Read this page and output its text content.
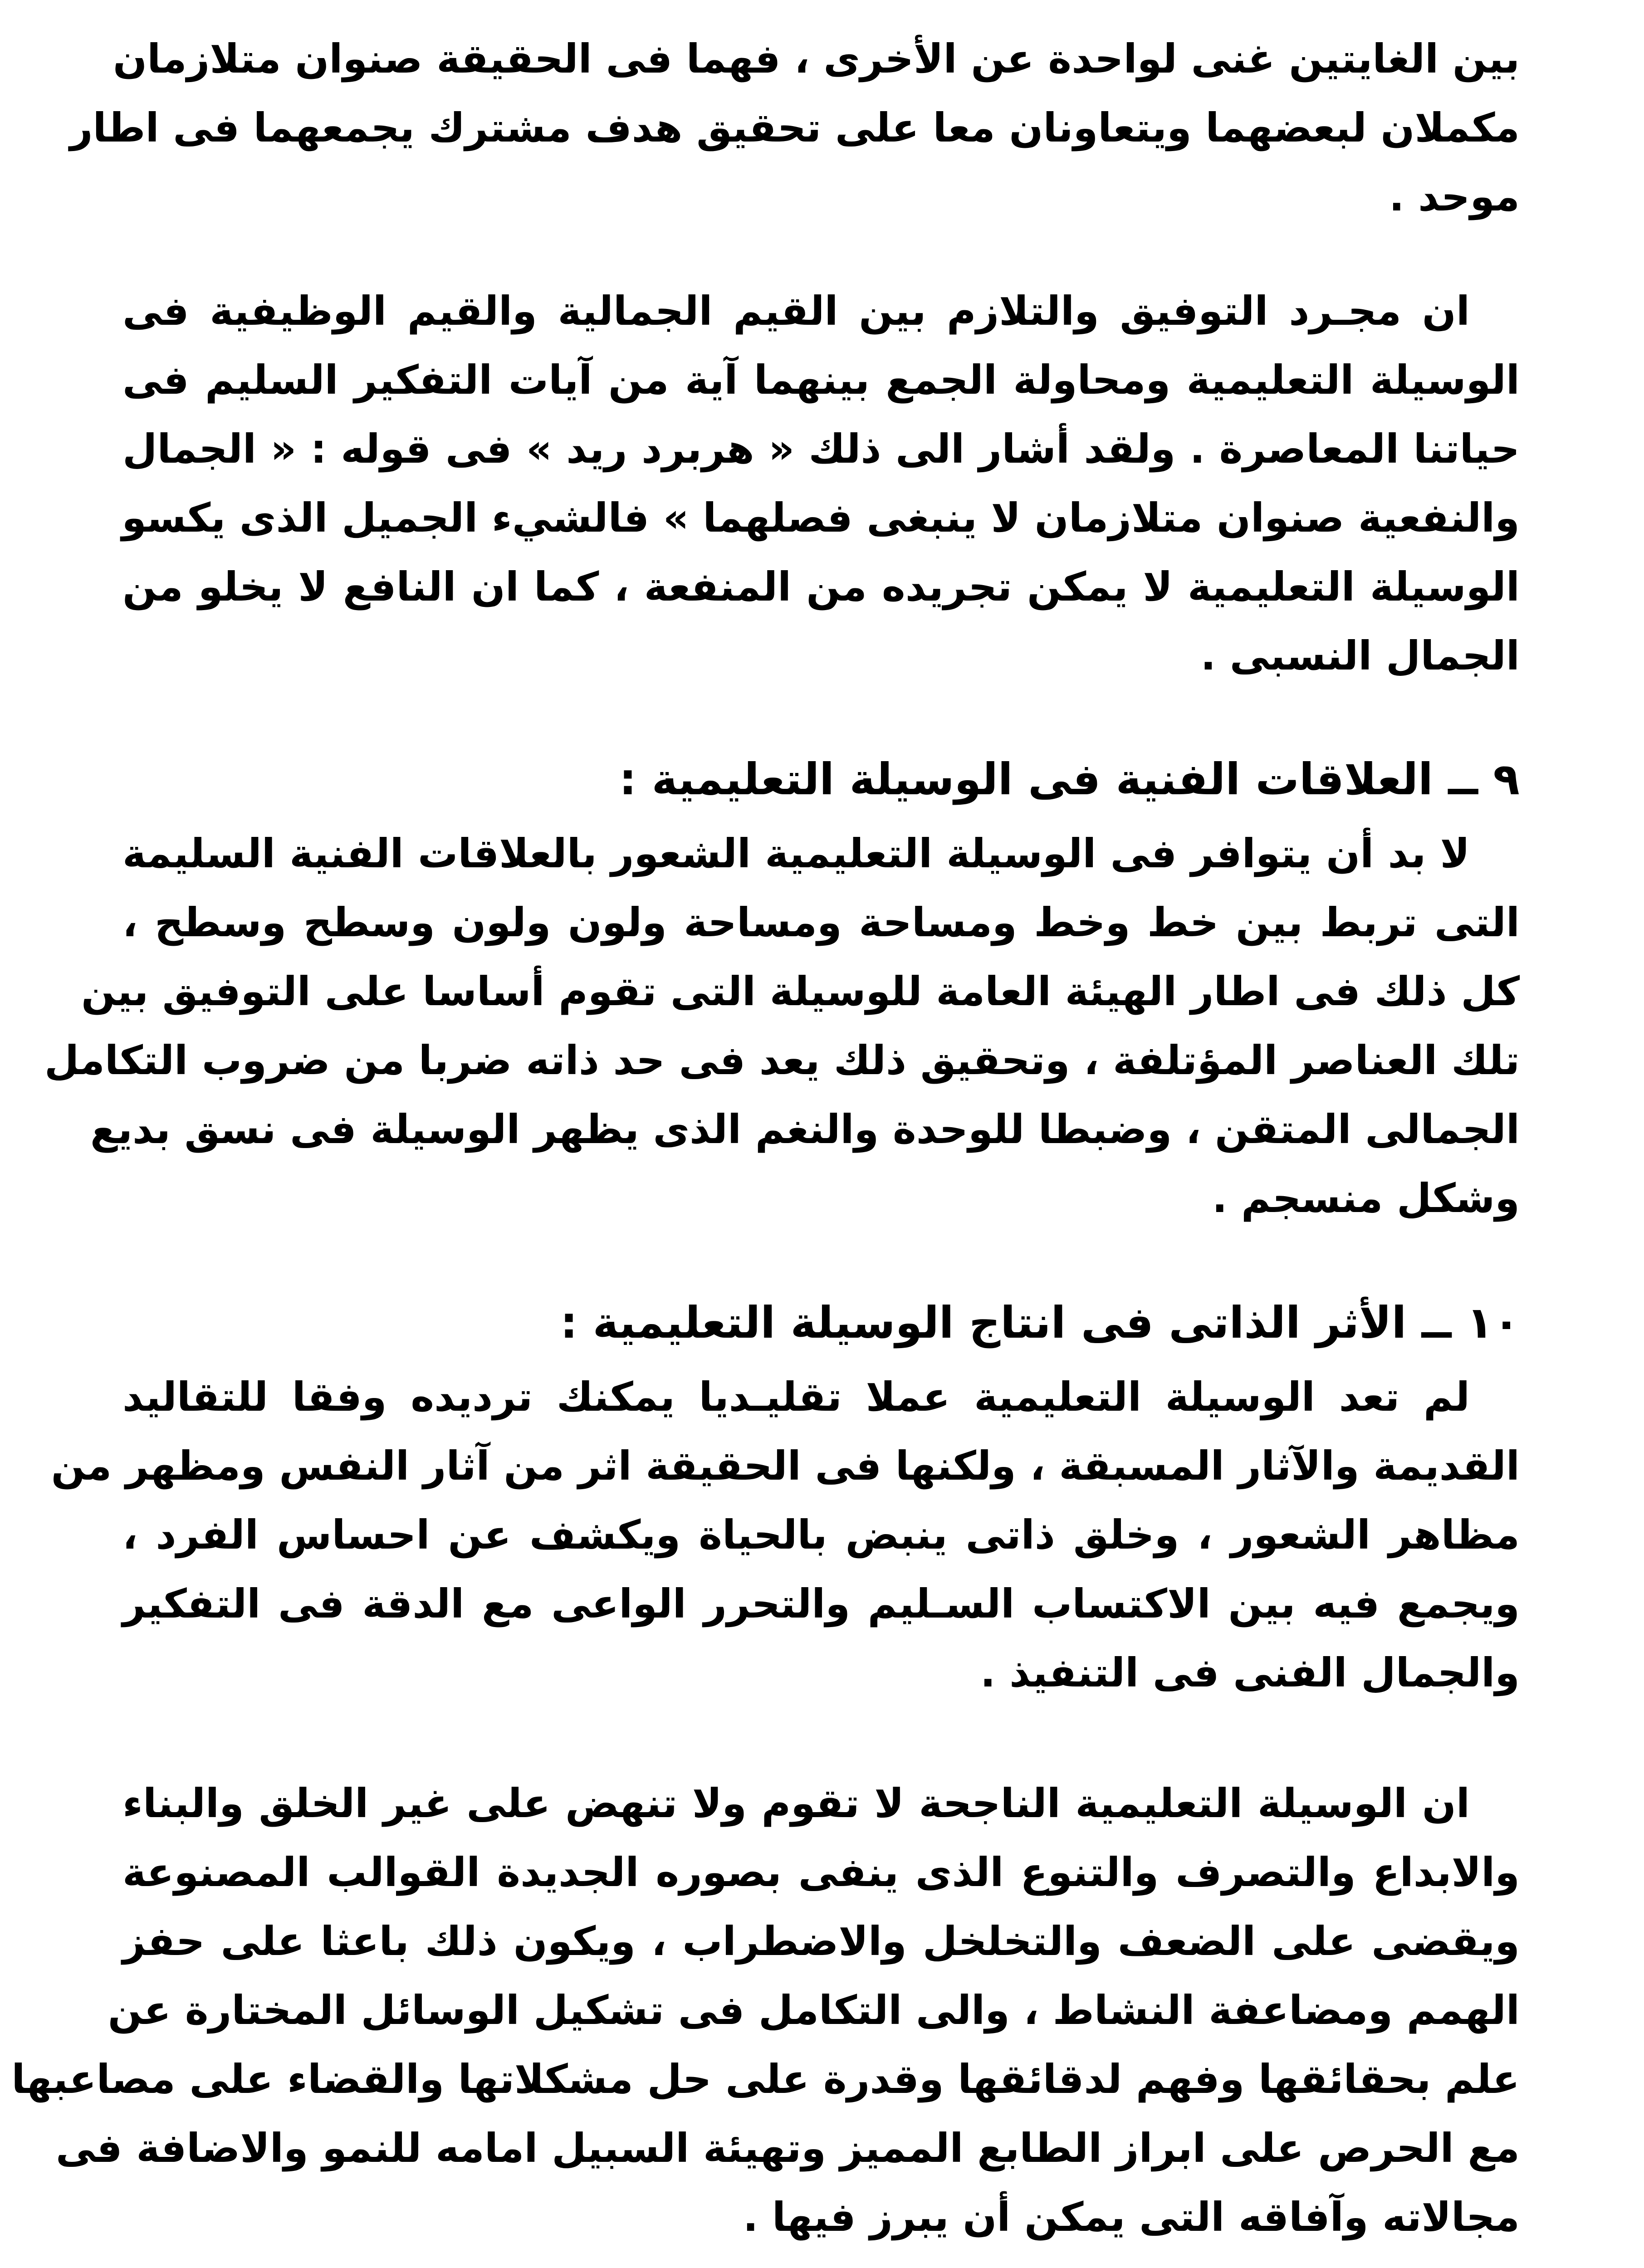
بين الغايتين غنى لواحدة عن الأخرى ، فهما فى الحقيقة صنوان متلازمان
مكملان لبعضهما ويتعاونان معا على تحقيق هدف مشترك يجمعهما فى اطار
موحد .
ان مجـرد التوفيق والتلازم بين القيم الجمالية والقيم الوظيفية فى
الوسيلة التعليمية ومحاولة الجمع بينهما آية من آيات التفكير السليم فى
حياتنا المعاصرة . ولقد أشار الى ذلك « هربرد ريد » فى قوله : « الجمال
والنفعية صنوان متلازمان لا ينبغى فصلهما » فالشيء الجميل الذى يكسو
الوسيلة التعليمية لا يمكن تجريده من المنفعة ، كما ان النافع لا يخلو من
الجمال النسبى .
٩ ــ العلاقات الفنية فى الوسيلة التعليمية :
لا بد أن يتوافر فى الوسيلة التعليمية الشعور بالعلاقات الفنية السليمة
التى تربط بين خط وخط ومساحة ومساحة ولون ولون وسطح وسطح ،
كل ذلك فى اطار الهيئة العامة للوسيلة التى تقوم أساسا على التوفيق بين
تلك العناصر المؤتلفة ، وتحقيق ذلك يعد فى حد ذاته ضربا من ضروب التكامل
الجمالى المتقن ، وضبطا للوحدة والنغم الذى يظهر الوسيلة فى نسق بديع
وشكل منسجم .
١٠ ــ الأثر الذاتى فى انتاج الوسيلة التعليمية :
لم تعد الوسيلة التعليمية عملا تقليـديا يمكنك ترديده وفقا للتقاليد
القديمة والآثار المسبقة ، ولكنها فى الحقيقة اثر من آثار النفس ومظهر من
مظاهر الشعور ، وخلق ذاتى ينبض بالحياة ويكشف عن احساس الفرد ،
ويجمع فيه بين الاكتساب السـليم والتحرر الواعى مع الدقة فى التفكير
والجمال الفنى فى التنفيذ .
ان الوسيلة التعليمية الناجحة لا تقوم ولا تنهض على غير الخلق والبناء
والابداع والتصرف والتنوع الذى ينفى بصوره الجديدة القوالب المصنوعة
ويقضى على الضعف والتخلخل والاضطراب ، ويكون ذلك باعثا على حفز
الهمم ومضاعفة النشاط ، والى التكامل فى تشكيل الوسائل المختارة عن
علم بحقائقها وفهم لدقائقها وقدرة على حل مشكلاتها والقضاء على مصاعبها
مع الحرص على ابراز الطابع المميز وتهيئة السبيل امامه للنمو والاضافة فى
مجالاته وآفاقه التى يمكن أن يبرز فيها .
